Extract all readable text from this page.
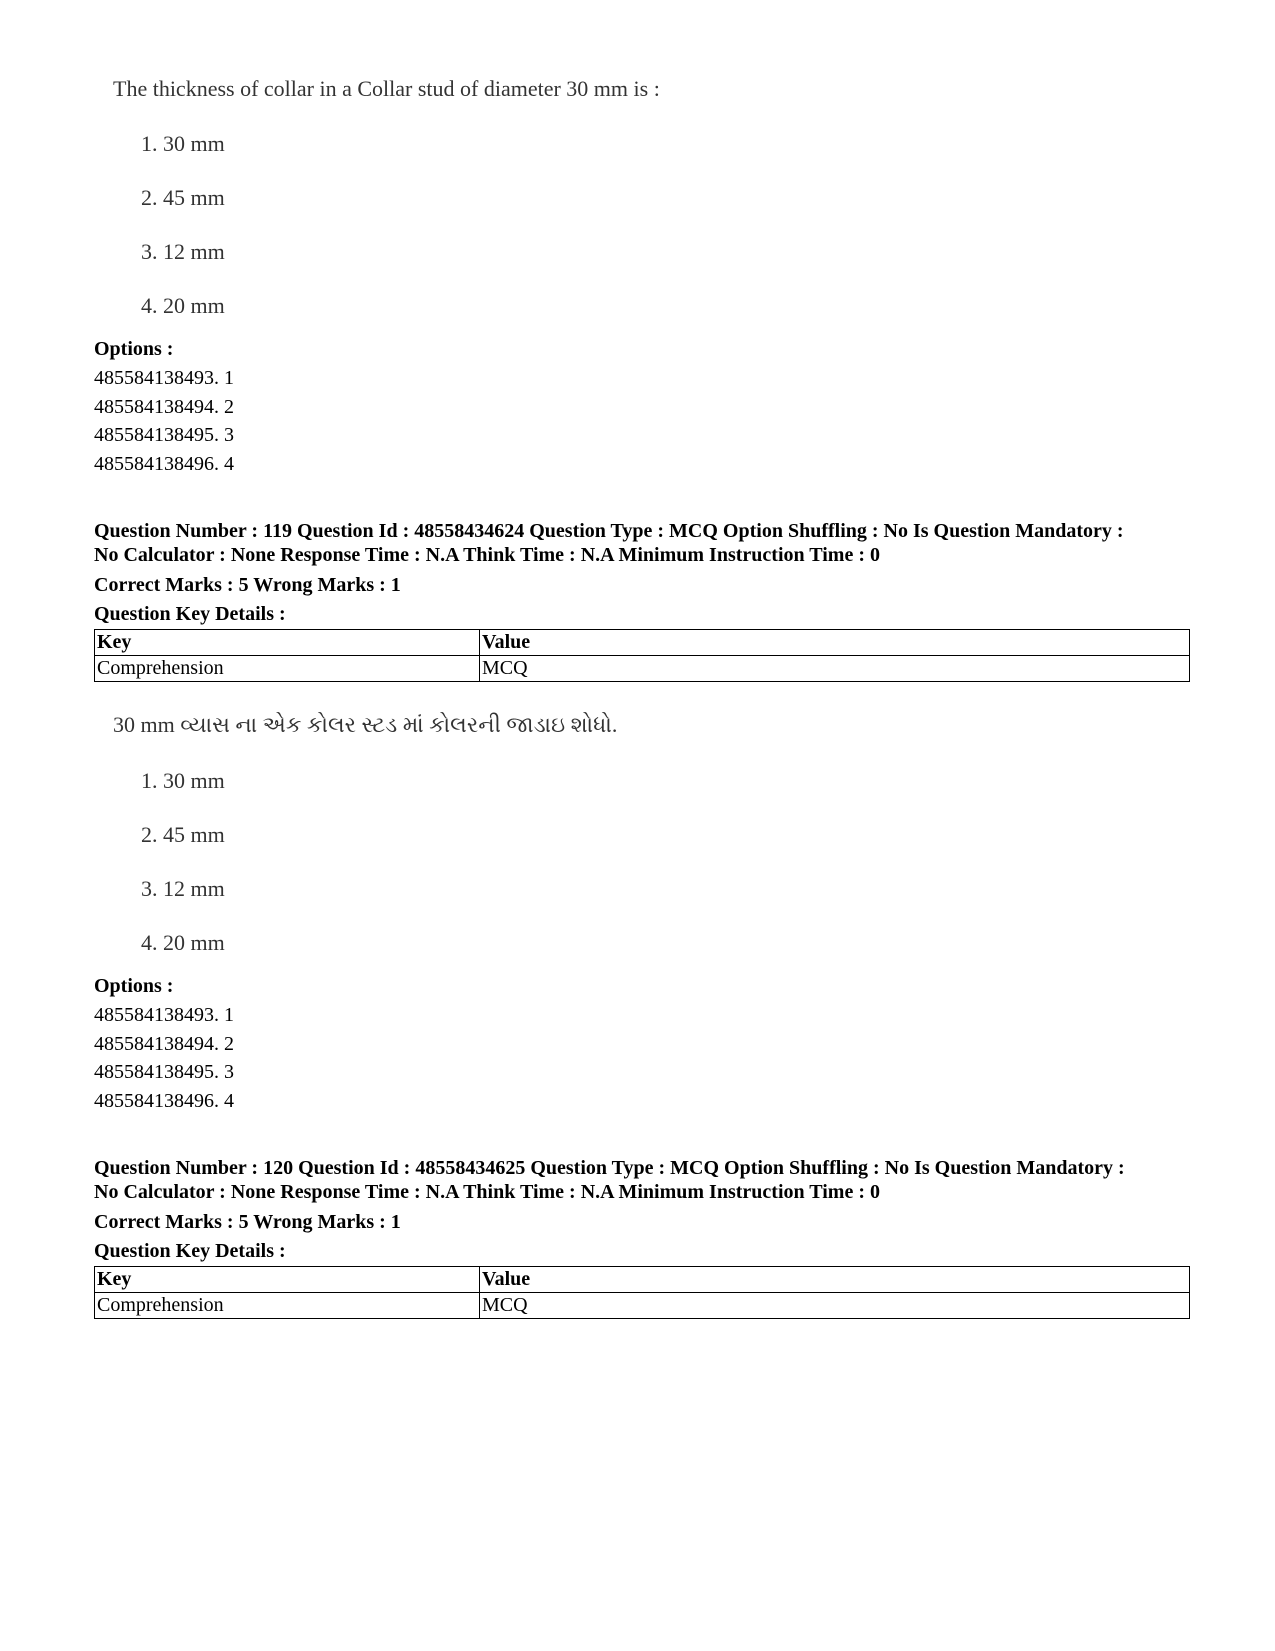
The thickness of collar in a Collar stud of diameter 30 mm is :
1. 30 mm
2. 45 mm
3. 12 mm
4. 20 mm
Options :
485584138493. 1
485584138494. 2
485584138495. 3
485584138496. 4
Question Number : 119 Question Id : 48558434624 Question Type : MCQ Option Shuffling : No Is Question Mandatory :
No Calculator : None Response Time : N.A Think Time : N.A Minimum Instruction Time : 0
Correct Marks : 5 Wrong Marks : 1
Question Key Details :
Key	Value
Comprehension	MCQ
30 mm વ્યાસ ના એક કોલર સ્ટડ માં કોલરની જાડાઇ શોધો.
1. 30 mm
2. 45 mm
3. 12 mm
4. 20 mm
Options :
485584138493. 1
485584138494. 2
485584138495. 3
485584138496. 4
Question Number : 120 Question Id : 48558434625 Question Type : MCQ Option Shuffling : No Is Question Mandatory :
No Calculator : None Response Time : N.A Think Time : N.A Minimum Instruction Time : 0
Correct Marks : 5 Wrong Marks : 1
Question Key Details :
Key	Value
Comprehension	MCQ
